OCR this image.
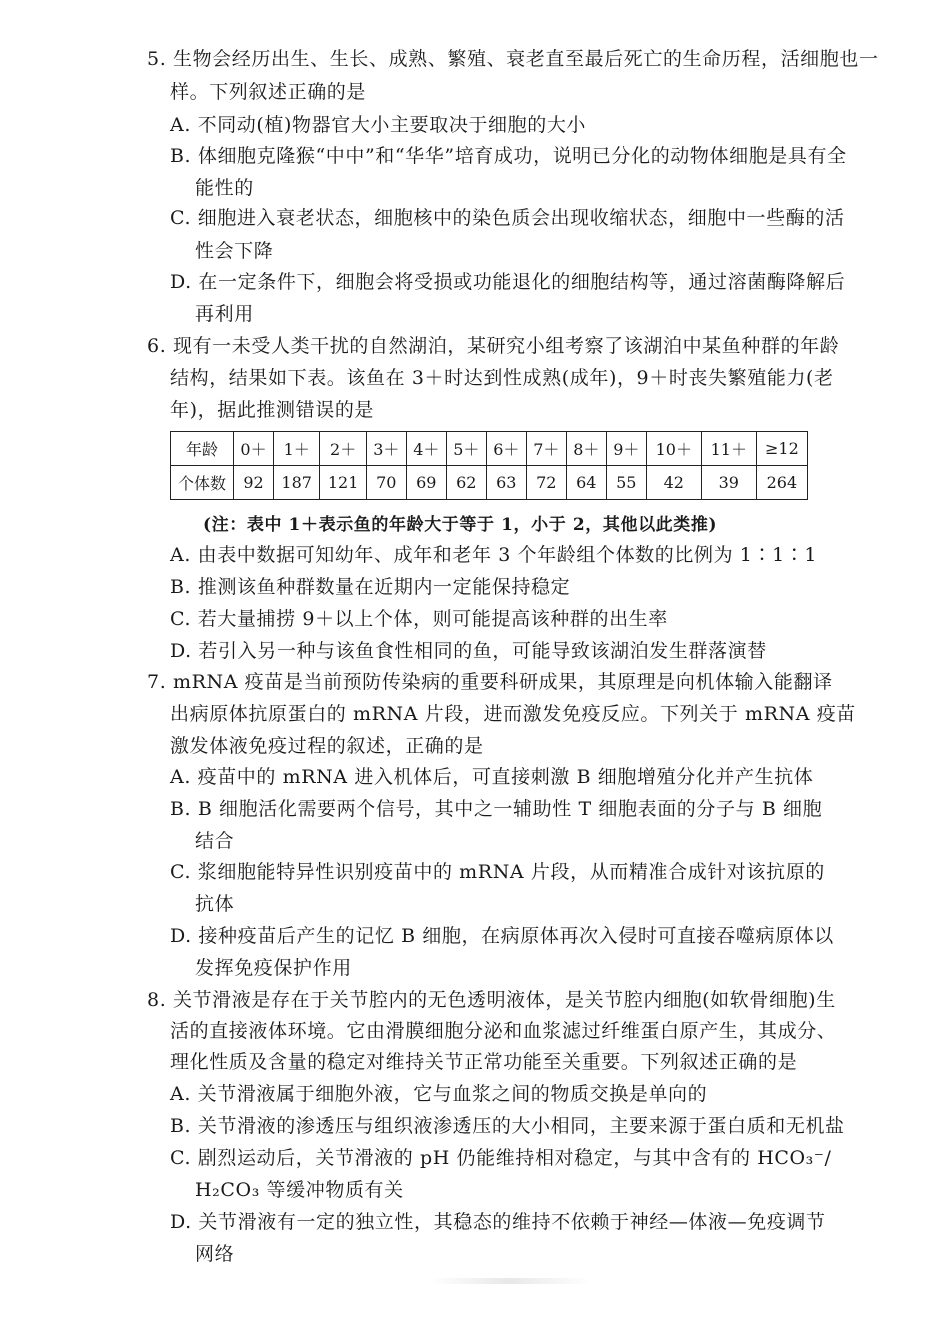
5. 生物会经历出生、生长、成熟、繁殖、衰老直至最后死亡的生命历程，活细胞也一
样。下列叙述正确的是
A. 不同动(植)物器官大小主要取决于细胞的大小
B. 体细胞克隆猴“中中”和“华华”培育成功，说明已分化的动物体细胞是具有全
能性的
C. 细胞进入衰老状态，细胞核中的染色质会出现收缩状态，细胞中一些酶的活
性会下降
D. 在一定条件下，细胞会将受损或功能退化的细胞结构等，通过溶菌酶降解后
再利用
6. 现有一未受人类干扰的自然湖泊，某研究小组考察了该湖泊中某鱼种群的年龄
结构，结果如下表。该鱼在 3＋时达到性成熟(成年)，9＋时丧失繁殖能力(老
年)，据此推测错误的是
年龄	0＋	1＋	2＋	3＋	4＋	5＋	6＋	7＋	8＋	9＋	10＋	11＋	≥12
个体数	92	187	121	70	69	62	63	72	64	55	42	39	264
(注：表中 1＋表示鱼的年龄大于等于 1，小于 2，其他以此类推)
A. 由表中数据可知幼年、成年和老年 3 个年龄组个体数的比例为 1∶1∶1
B. 推测该鱼种群数量在近期内一定能保持稳定
C. 若大量捕捞 9＋以上个体，则可能提高该种群的出生率
D. 若引入另一种与该鱼食性相同的鱼，可能导致该湖泊发生群落演替
7. mRNA 疫苗是当前预防传染病的重要科研成果，其原理是向机体输入能翻译
出病原体抗原蛋白的 mRNA 片段，进而激发免疫反应。下列关于 mRNA 疫苗
激发体液免疫过程的叙述，正确的是
A. 疫苗中的 mRNA 进入机体后，可直接刺激 B 细胞增殖分化并产生抗体
B. B 细胞活化需要两个信号，其中之一辅助性 T 细胞表面的分子与 B 细胞
结合
C. 浆细胞能特异性识别疫苗中的 mRNA 片段，从而精准合成针对该抗原的
抗体
D. 接种疫苗后产生的记忆 B 细胞，在病原体再次入侵时可直接吞噬病原体以
发挥免疫保护作用
8. 关节滑液是存在于关节腔内的无色透明液体，是关节腔内细胞(如软骨细胞)生
活的直接液体环境。它由滑膜细胞分泌和血浆滤过纤维蛋白原产生，其成分、
理化性质及含量的稳定对维持关节正常功能至关重要。下列叙述正确的是
A. 关节滑液属于细胞外液，它与血浆之间的物质交换是单向的
B. 关节滑液的渗透压与组织液渗透压的大小相同，主要来源于蛋白质和无机盐
C. 剧烈运动后，关节滑液的 pH 仍能维持相对稳定，与其中含有的 HCO₃⁻/
H₂CO₃ 等缓冲物质有关
D. 关节滑液有一定的独立性，其稳态的维持不依赖于神经—体液—免疫调节
网络
